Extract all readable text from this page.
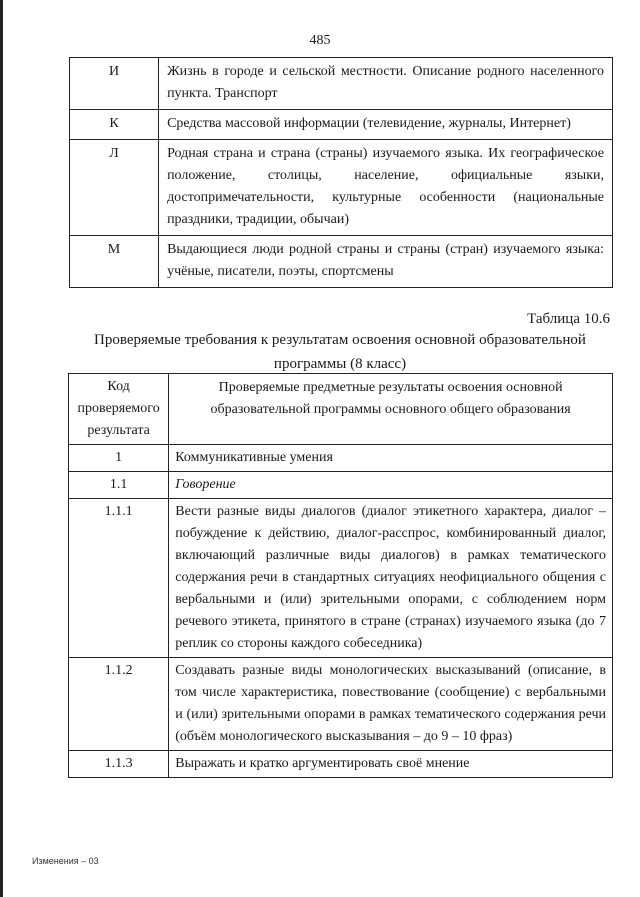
485
И	Жизнь в городе и сельской местности. Описание родного населенного пункта. Транспорт
К	Средства массовой информации (телевидение, журналы, Интернет)
Л	Родная страна и страна (страны) изучаемого языка. Их географическое положение, столицы, население, официальные языки, достопримечательности, культурные особенности (национальные праздники, традиции, обычаи)
М	Выдающиеся люди родной страны и страны (стран) изучаемого языка: учёные, писатели, поэты, спортсмены
Таблица 10.6
Проверяемые требования к результатам освоения основной образовательной программы (8 класс)
Код проверяемого результата	Проверяемые предметные результаты освоения основной образовательной программы основного общего образования
1	Коммуникативные умения
1.1	Говорение
1.1.1	Вести разные виды диалогов (диалог этикетного характера, диалог – побуждение к действию, диалог-расспрос, комбинированный диалог, включающий различные виды диалогов) в рамках тематического содержания речи в стандартных ситуациях неофициального общения с вербальными и (или) зрительными опорами, с соблюдением норм речевого этикета, принятого в стране (странах) изучаемого языка (до 7 реплик со стороны каждого собеседника)
1.1.2	Создавать разные виды монологических высказываний (описание, в том числе характеристика, повествование (сообщение) с вербальными и (или) зрительными опорами в рамках тематического содержания речи (объём монологического высказывания – до 9 – 10 фраз)
1.1.3	Выражать и кратко аргументировать своё мнение
Изменения – 03
